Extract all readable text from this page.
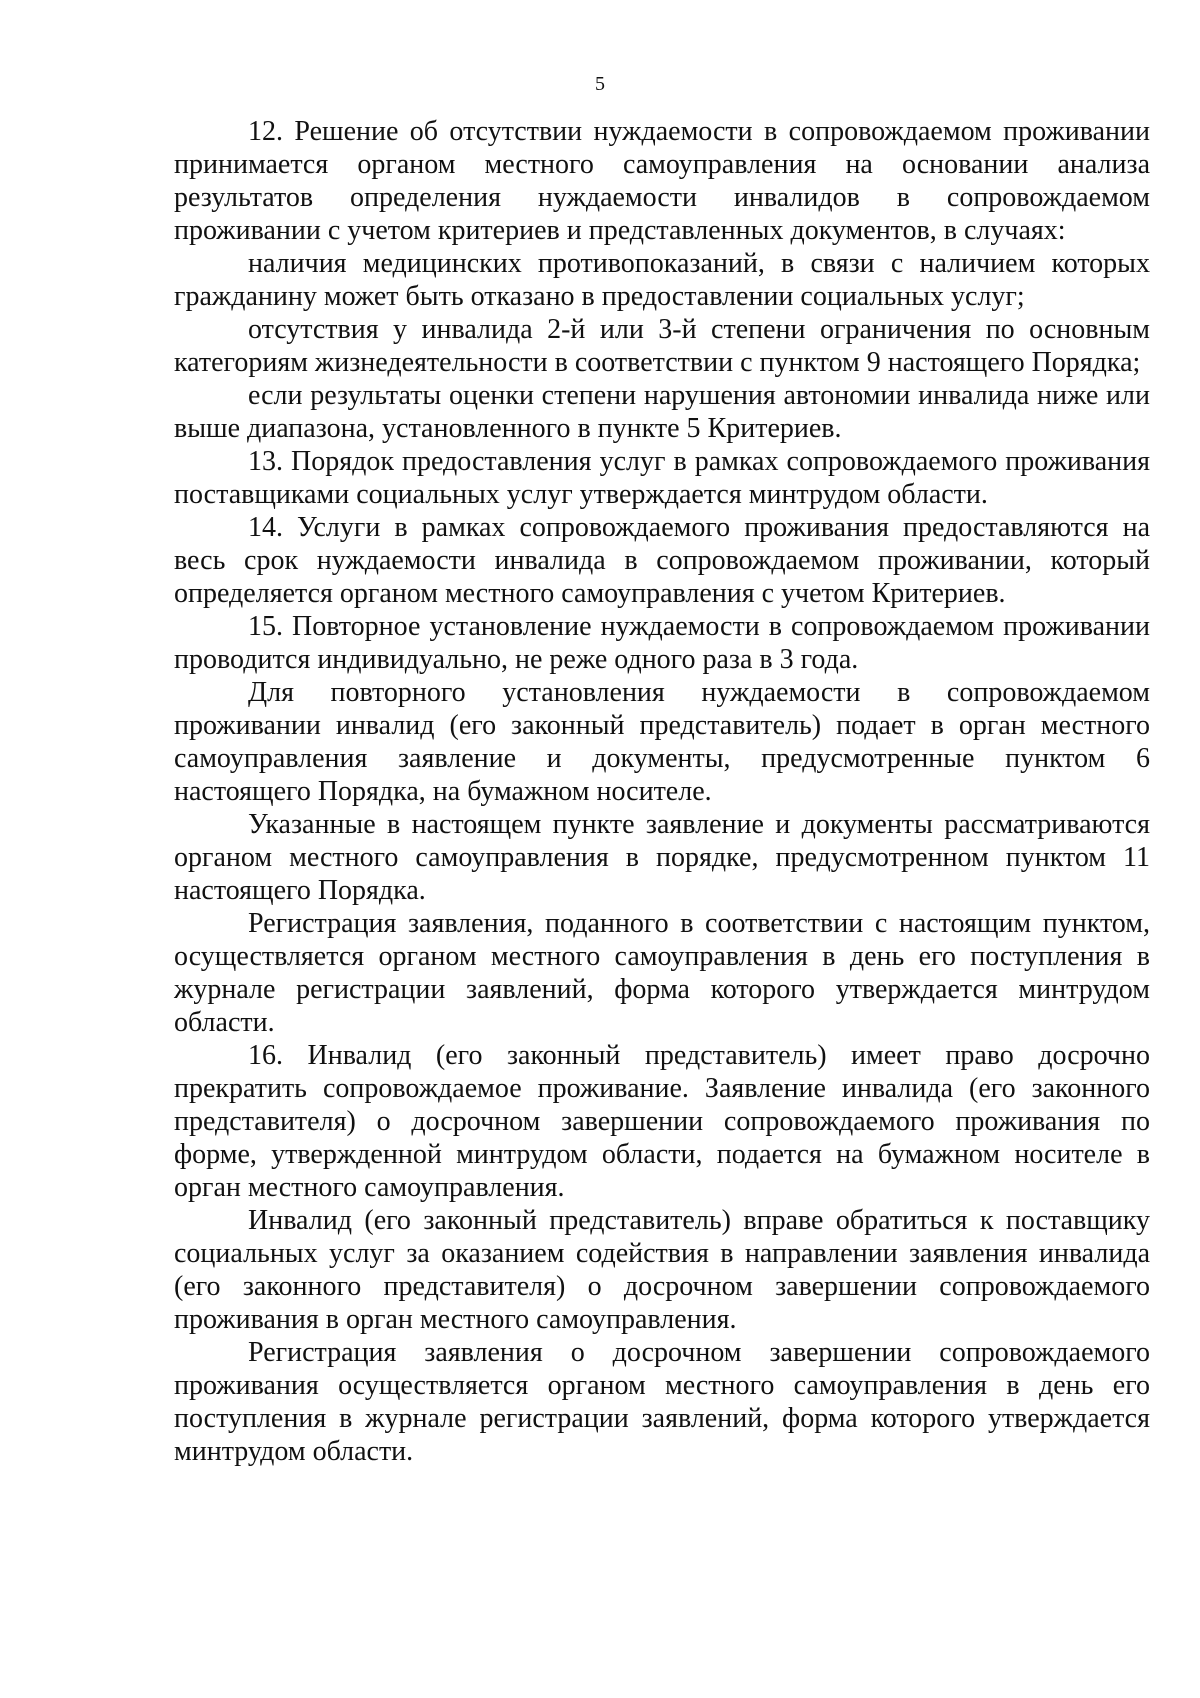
5

12. Решение об отсутствии нуждаемости в сопровождаемом проживании принимается органом местного самоуправления на основании анализа результатов определения нуждаемости инвалидов в сопровождаемом проживании с учетом критериев и представленных документов, в случаях:

наличия медицинских противопоказаний, в связи с наличием которых гражданину может быть отказано в предоставлении социальных услуг;

отсутствия у инвалида 2-й или 3-й степени ограничения по основным категориям жизнедеятельности в соответствии с пунктом 9 настоящего Порядка;

если результаты оценки степени нарушения автономии инвалида ниже или выше диапазона, установленного в пункте 5 Критериев.

13. Порядок предоставления услуг в рамках сопровождаемого проживания поставщиками социальных услуг утверждается минтрудом области.

14. Услуги в рамках сопровождаемого проживания предоставляются на весь срок нуждаемости инвалида в сопровождаемом проживании, который определяется органом местного самоуправления с учетом Критериев.

15. Повторное установление нуждаемости в сопровождаемом проживании проводится индивидуально, не реже одного раза в 3 года.

Для повторного установления нуждаемости в сопровождаемом проживании инвалид (его законный представитель) подает в орган местного самоуправления заявление и документы, предусмотренные пунктом 6 настоящего Порядка, на бумажном носителе.

Указанные в настоящем пункте заявление и документы рассматриваются органом местного самоуправления в порядке, предусмотренном пунктом 11 настоящего Порядка.

Регистрация заявления, поданного в соответствии с настоящим пунктом, осуществляется органом местного самоуправления в день его поступления в журнале регистрации заявлений, форма которого утверждается минтрудом области.

16. Инвалид (его законный представитель) имеет право досрочно прекратить сопровождаемое проживание. Заявление инвалида (его законного представителя) о досрочном завершении сопровождаемого проживания по форме, утвержденной минтрудом области, подается на бумажном носителе в орган местного самоуправления.

Инвалид (его законный представитель) вправе обратиться к поставщику социальных услуг за оказанием содействия в направлении заявления инвалида (его законного представителя) о досрочном завершении сопровождаемого проживания в орган местного самоуправления.

Регистрация заявления о досрочном завершении сопровождаемого проживания осуществляется органом местного самоуправления в день его поступления в журнале регистрации заявлений, форма которого утверждается минтрудом области.
